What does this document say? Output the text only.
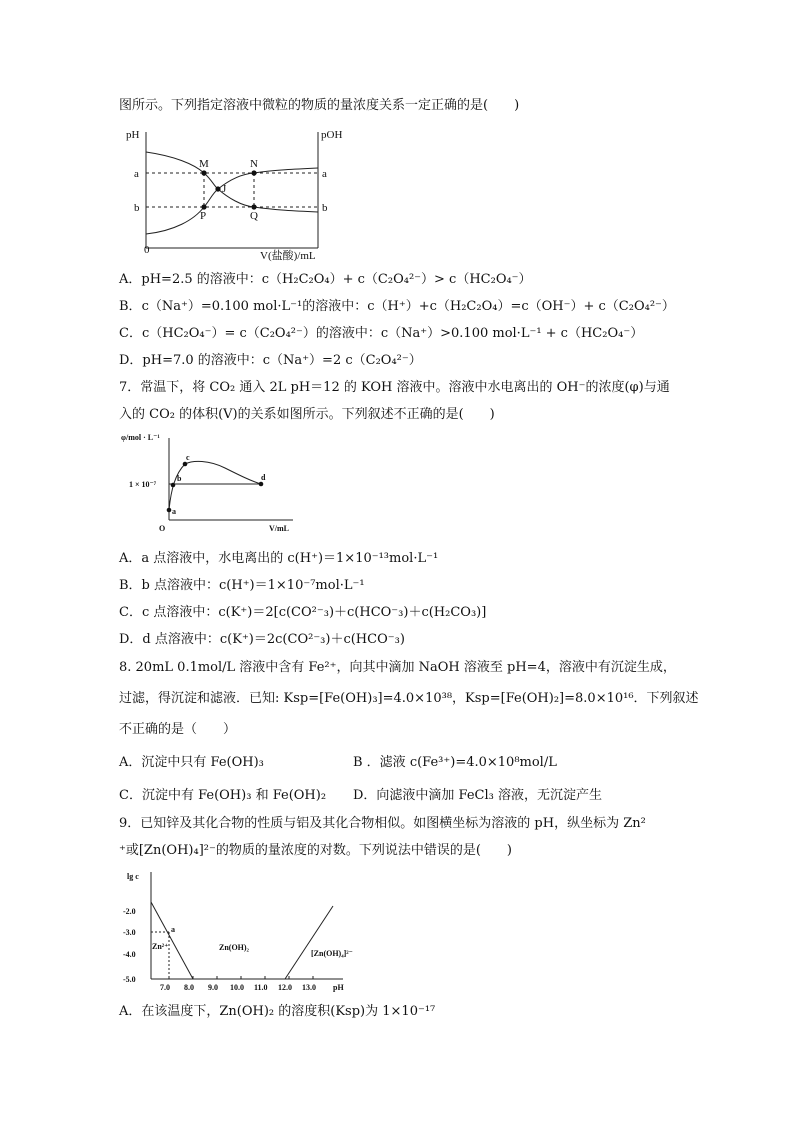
图所示。下列指定溶液中微粒的物质的量浓度关系一定正确的是(　　)
pH	pOH
a
b
a
b
0	V(盐酸)/mL
M	N
J
P	Q
A．pH=2.5 的溶液中：c（H₂C₂O₄）+ c（C₂O₄²⁻）> c（HC₂O₄⁻）
B．c（Na⁺）=0.100 mol·L⁻¹的溶液中：c（H⁺）+c（H₂C₂O₄）=c（OH⁻）+ c（C₂O₄²⁻）
C．c（HC₂O₄⁻）= c（C₂O₄²⁻）的溶液中：c（Na⁺）>0.100 mol·L⁻¹ + c（HC₂O₄⁻）
D．pH=7.0 的溶液中：c（Na⁺）=2 c（C₂O₄²⁻）
7．常温下，将 CO₂ 通入 2L pH＝12 的 KOH 溶液中。溶液中水电离出的 OH⁻的浓度(φ)与通
入的 CO₂ 的体积(V)的关系如图所示。下列叙述不正确的是(　　)
φ/mol · L⁻¹
1 × 10⁻⁷
O	V/mL
a
b
c
d
A．a 点溶液中，水电离出的 c(H⁺)＝1×10⁻¹³mol·L⁻¹
B．b 点溶液中：c(H⁺)＝1×10⁻⁷mol·L⁻¹
C．c 点溶液中：c(K⁺)＝2[c(CO²⁻₃)＋c(HCO⁻₃)＋c(H₂CO₃)]
D．d 点溶液中：c(K⁺)＝2c(CO²⁻₃)＋c(HCO⁻₃)
8. 20mL 0.1mol/L 溶液中含有 Fe²⁺，向其中滴加 NaOH 溶液至 pH=4，溶液中有沉淀生成，
过滤，得沉淀和滤液．已知: Ksp=[Fe(OH)₃]=4.0×10³⁸，Ksp=[Fe(OH)₂]=8.0×10¹⁶．下列叙述
不正确的是（　　）
A．沉淀中只有 Fe(OH)₃	B ．滤液 c(Fe³⁺)=4.0×10⁸mol/L
C．沉淀中有 Fe(OH)₃ 和 Fe(OH)₂ D．向滤液中滴加 FeCl₃ 溶液，无沉淀产生
9．已知锌及其化合物的性质与铝及其化合物相似。如图横坐标为溶液的 pH，纵坐标为 Zn²
⁺或[Zn(OH)₄]²⁻的物质的量浓度的对数。下列说法中错误的是(　　)
lg c
-2.0
-3.0
-4.0
-5.0
7.0 8.0 9.0 10.0 11.0 12.0 13.0 pH
a
Zn²⁺	Zn(OH)₂
[Zn(OH)₄]²⁻
A．在该温度下，Zn(OH)₂ 的溶度积(Ksp)为 1×10⁻¹⁷
